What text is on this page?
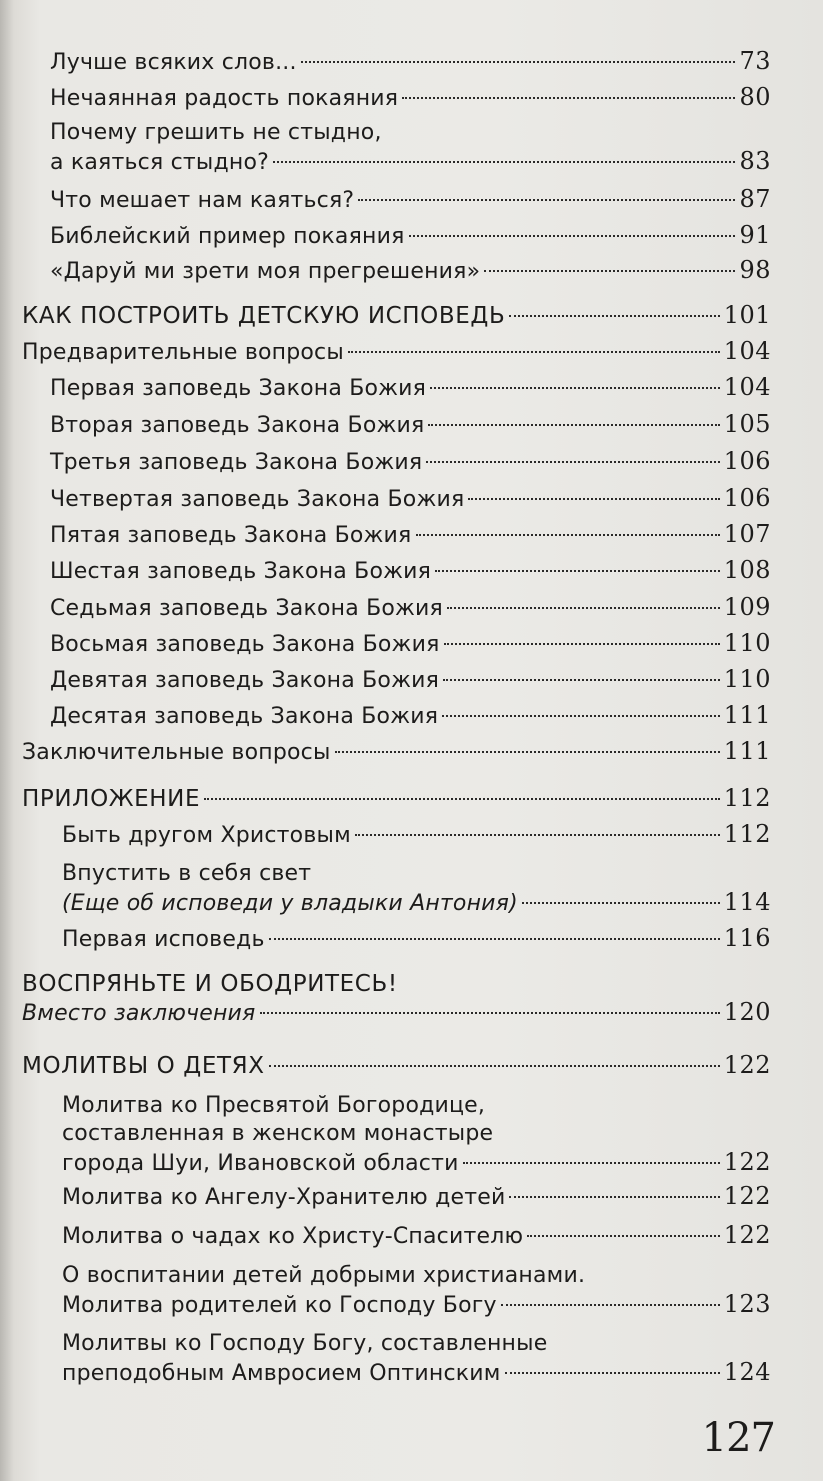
Лучше всяких слов...	73
Нечаянная радость покаяния	80
Почему грешить не стыдно,
а каяться стыдно?	83
Что мешает нам каяться?	87
Библейский пример покаяния	91
«Даруй ми зрети моя прегрешения»	98
КАК ПОСТРОИТЬ ДЕТСКУЮ ИСПОВЕДЬ	101
Предварительные вопросы	104
Первая заповедь Закона Божия	104
Вторая заповедь Закона Божия	105
Третья заповедь Закона Божия	106
Четвертая заповедь Закона Божия	106
Пятая заповедь Закона Божия	107
Шестая заповедь Закона Божия	108
Седьмая заповедь Закона Божия	109
Восьмая заповедь Закона Божия	110
Девятая заповедь Закона Божия	110
Десятая заповедь Закона Божия	111
Заключительные вопросы	111
ПРИЛОЖЕНИЕ	112
Быть другом Христовым	112
Впустить в себя свет
(Еще об исповеди у владыки Антония)	114
Первая исповедь	116
ВОСПРЯНЬТЕ И ОБОДРИТЕСЬ!
Вместо заключения	120
МОЛИТВЫ О ДЕТЯХ	122
Молитва ко Пресвятой Богородице,
составленная в женском монастыре
города Шуи, Ивановской области	122
Молитва ко Ангелу-Хранителю детей	122
Молитва о чадах ко Христу-Спасителю	122
О воспитании детей добрыми христианами.
Молитва родителей ко Господу Богу	123
Молитвы ко Господу Богу, составленные
преподобным Амвросием Оптинским	124
127
